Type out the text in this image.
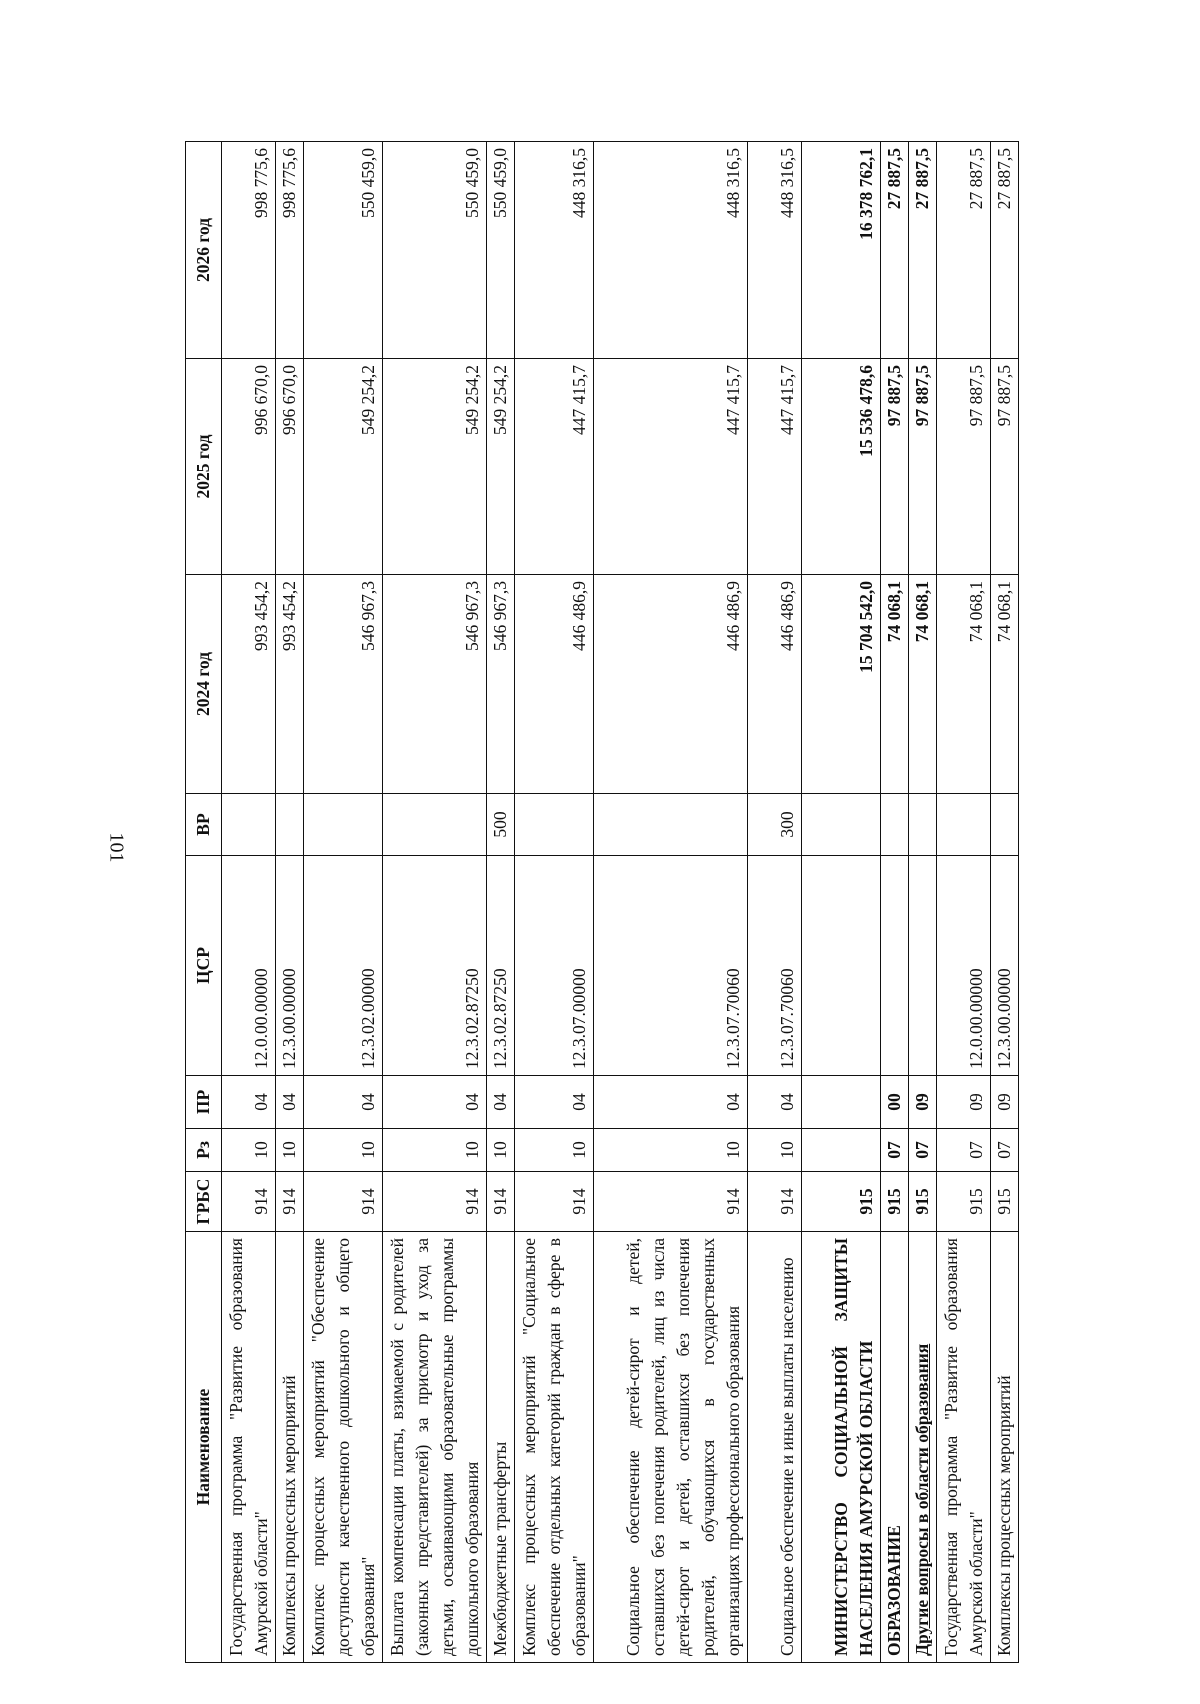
101
Наименование	ГРБС	Рз	ПР	ЦСР	ВР	2024 год	2025 год	2026 год
Государственная программа "Развитие образования Амурской области"	914	10	04	12.0.00.00000		993 454,2	996 670,0	998 775,6
Комплексы процессных мероприятий	914	10	04	12.3.00.00000		993 454,2	996 670,0	998 775,6
Комплекс процессных мероприятий "Обеспечение доступности качественного дошкольного и общего образования"	914	10	04	12.3.02.00000		546 967,3	549 254,2	550 459,0
Выплата компенсации платы, взимаемой с родителей (законных представителей) за присмотр и уход за детьми, осваивающими образовательные программы дошкольного образования	914	10	04	12.3.02.87250		546 967,3	549 254,2	550 459,0
Межбюджетные трансферты	914	10	04	12.3.02.87250	500	546 967,3	549 254,2	550 459,0
Комплекс процессных мероприятий "Социальное обеспечение отдельных категорий граждан в сфере в образовании"	914	10	04	12.3.07.00000		446 486,9	447 415,7	448 316,5
Социальное обеспечение детей-сирот и детей, оставшихся без попечения родителей, лиц из числа детей-сирот и детей, оставшихся без попечения родителей, обучающихся в государственных организациях профессионального образования	914	10	04	12.3.07.70060		446 486,9	447 415,7	448 316,5
Социальное обеспечение и иные выплаты населению	914	10	04	12.3.07.70060	300	446 486,9	447 415,7	448 316,5
МИНИСТЕРСТВО СОЦИАЛЬНОЙ ЗАЩИТЫ НАСЕЛЕНИЯ АМУРСКОЙ ОБЛАСТИ	915					15 704 542,0	15 536 478,6	16 378 762,1
ОБРАЗОВАНИЕ	915	07	00			74 068,1	97 887,5	27 887,5
Другие вопросы в области образования	915	07	09			74 068,1	97 887,5	27 887,5
Государственная программа "Развитие образования Амурской области"	915	07	09	12.0.00.00000		74 068,1	97 887,5	27 887,5
Комплексы процессных мероприятий	915	07	09	12.3.00.00000		74 068,1	97 887,5	27 887,5
